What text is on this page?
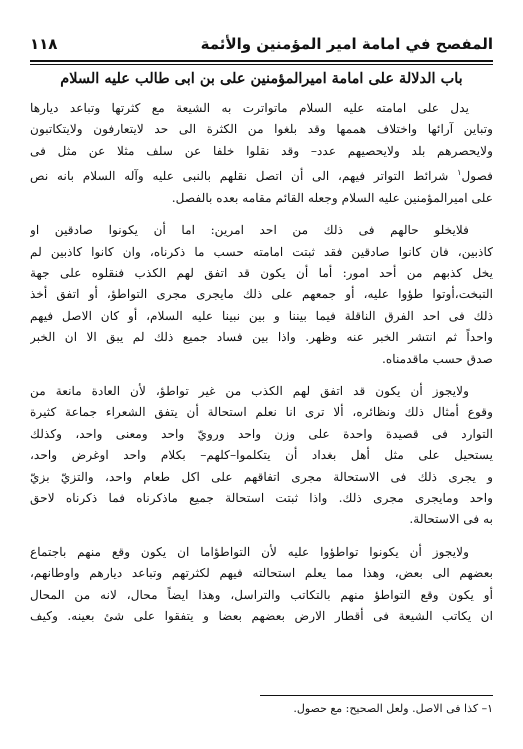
المفصح في امامة امير المؤمنين والأئمة
١١٨
باب الدلالة على امامة اميرالمؤمنين على بن ابى طالب عليه السلام
يدل على امامته عليه السلام ماتواترت به الشيعة مع كثرتها وتباعد ديارها
وتباين آرائها واختلاف هممها وقد بلغوا من الكثرة الى حد لايتعارفون ولايتكاتبون
ولايحصرهم بلد ولايحصيهم عدد– وقد نقلوا خلفا عن سلف مثلا عن مثل فى
فصول$^١$ شرائط التواتر فيهم، الى أن اتصل نقلهم بالنبى عليه وآله السلام بانه نص
على اميرالمؤمنين عليه السلام وجعله القائم مقامه بعده بالفصل.
فلايخلو حالهم فى ذلك من احد امرين: اما أن يكونوا صادقين او
كاذبين، فان كانوا صادقين فقد ثبتت امامته حسب ما ذكرناه، وان كانوا كاذبين لم
يخل كذبهم من أحد امور: أما أن يكون قد اتفق لهم الكذب فنقلوه على جهة
التبخت،أوتوا طؤوا عليه، أو جمعهم على ذلك مايجرى مجرى التواطؤ، أو اتفق أخذ
ذلك فى احد الفرق الناقلة فيما بيننا و بين نبينا عليه السلام، أو كان الاصل فيهم
واحداً ثم انتشر الخبر عنه وظهر. واذا بين فساد جميع ذلك لم يبق الا ان الخبر
صدق حسب ماقدمناه.
ولايجوز أن يكون قد اتفق لهم الكذب من غير تواطؤ، لأن العادة مانعة من
وقوع أمثال ذلك ونظائره، ألا ترى انا نعلم استحالة أن يتفق الشعراء جماعة كثيرة
التوارد فى قصيدة واحدة على وزن واحد ورويّ واحد ومعنى واحد، وكذلك
يستحيل على مثل أهل بغداد أن يتكلموا–كلهم– بكلام واحد اوغرض واحد،
و يجرى ذلك فى الاستحالة مجرى اتفاقهم على اكل طعام واحد، والتزيّ بزيّ
واحد ومايجرى مجرى ذلك. واذا ثبتت استحالة جميع ماذكرناه فما ذكرناه لاحق
به فى الاستحالة.
ولايجوز أن يكونوا تواطؤوا عليه لأن التواطؤاما ان يكون وقع منهم باجتماع
بعضهم الى بعض، وهذا مما يعلم استحالته فيهم لكثرتهم وتباعد ديارهم واوطانهم،
أو يكون وقع التواطؤ منهم بالتكاتب والتراسل، وهذا ايضاً محال، لانه من المحال
ان يكاتب الشيعة فى أقطار الارض بعضهم بعضا و يتفقوا على شئ بعينه. وكيف
١– كذا فى الاصل. ولعل الصحيح: مع حصول.
